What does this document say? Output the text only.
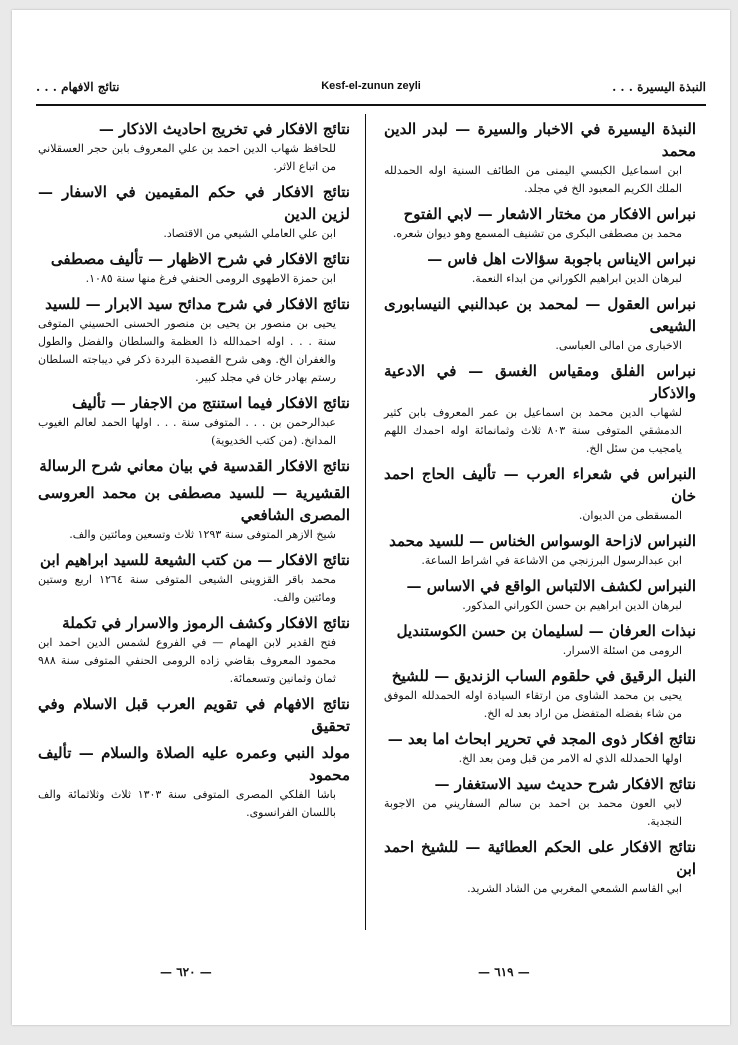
النبذة اليسيرة . . .
Kesf-el-zunun zeyli
نتائج الافهام . . .
النبذة اليسيرة في الاخبار والسيرة — لبدر الدين محمد
ابن اسماعيل الكبسي اليمنى من الطائف السنية اوله الحمدلله الملك الكريم المعبود الخ في مجلد.
نبراس الافكار من مختار الاشعار — لابي الفتوح
محمد بن مصطفى البكرى من تشنيف المسمع وهو ديوان شعره.
نبراس الايناس باجوبة سؤالات اهل فاس —
لبرهان الدين ابراهيم الكوراني من ابداء النعمة.
نبراس العقول — لمحمد بن عبدالنبي النيسابورى الشيعى
الاخبارى من امالى العباسى.
نبراس الفلق ومقياس الغسق — في الادعية والاذكار
لشهاب الدين محمد بن اسماعيل بن عمر المعروف بابن كثير الدمشقي المتوفى سنة ٨٠٣ ثلاث وثمانمائة اوله احمدك اللهم يامجيب من سئل الخ.
النبراس في شعراء العرب — تأليف الحاج احمد خان
المسقطى من الديوان.
النبراس لازاحة الوسواس الخناس — للسيد محمد
ابن عبدالرسول البرزنجي من الاشاعة في اشراط الساعة.
النبراس لكشف الالتباس الواقع في الاساس —
لبرهان الدين ابراهيم بن حسن الكوراني المذكور.
نبذات العرفان — لسليمان بن حسن الكوستنديل
الرومى من اسئلة الاسرار.
النبل الرقيق في حلقوم الساب الزنديق — للشيخ
يحيى بن محمد الشاوى من ارتقاء السيادة اوله الحمدلله الموفق من شاء بفضله المتفضل من اراد بعد له الخ.
نتائج افكار ذوى المجد في تحرير ابحاث اما بعد —
اولها الحمدلله الذي له الامر من قبل ومن بعد الخ.
نتائج الافكار شرح حديث سيد الاستغفار —
لابي العون محمد بن احمد بن سالم السفاريني من الاجوبة النجدية.
نتائج الافكار على الحكم العطائية — للشيخ احمد ابن
ابي القاسم الشمعي المغربي من الشاد الشريد.
نتائج الافكار في تخريج احاديث الاذكار —
للحافظ شهاب الدين احمد بن علي المعروف بابن حجر العسقلاني من اتباع الاثر.
نتائج الافكار في حكم المقيمين في الاسفار — لزين الدين
ابن علي العاملي الشيعي من الاقتصاد.
نتائج الافكار في شرح الاظهار — تأليف مصطفى
ابن حمزة الاطهوى الرومى الحنفي فرغ منها سنة ١٠٨٥.
نتائج الافكار في شرح مدائح سيد الابرار — للسيد
يحيى بن منصور بن يحيى بن منصور الحسنى الحسيني المتوفى سنة . . . اوله احمدالله ذا العظمة والسلطان والفضل والطول والغفران الخ. وهى شرح القصيدة البردة ذكر في ديباجته السلطان رستم بهادر خان في مجلد كبير.
نتائج الافكار فيما استنتج من الاجفار — تأليف
عبدالرحمن بن . . . المتوفى سنة . . . اولها الحمد لعالم الغيوب المدانخ. (من كتب الخديوية)
نتائج الافكار القدسية في بيان معاني شرح الرسالة
القشيرية — للسيد مصطفى بن محمد العروسى المصرى الشافعي
شيخ الازهر المتوفى سنة ١٢٩٣ ثلاث وتسعين ومائتين والف.
نتائج الافكار — من كتب الشيعة للسيد ابراهيم ابن
محمد باقر القزوينى الشيعى المتوفى سنة ١٢٦٤ اربع وستين ومائتين والف.
نتائج الافكار وكشف الرموز والاسرار في تكملة
فتح القدير لابن الهمام — في الفروع لشمس الدين احمد ابن محمود المعروف بقاضي زاده الرومى الحنفي المتوفى سنة ٩٨٨ ثمان وثمانين وتسعمائة.
نتائج الافهام في تقويم العرب قبل الاسلام وفي تحقيق
مولد النبي وعمره عليه الصلاة والسلام — تأليف محمود
باشا الفلكي المصرى المتوفى سنة ١٣٠٣ ثلاث وثلاثمائة والف باللسان الفرانسوى.
— ٦١٩ —
— ٦٢٠ —
